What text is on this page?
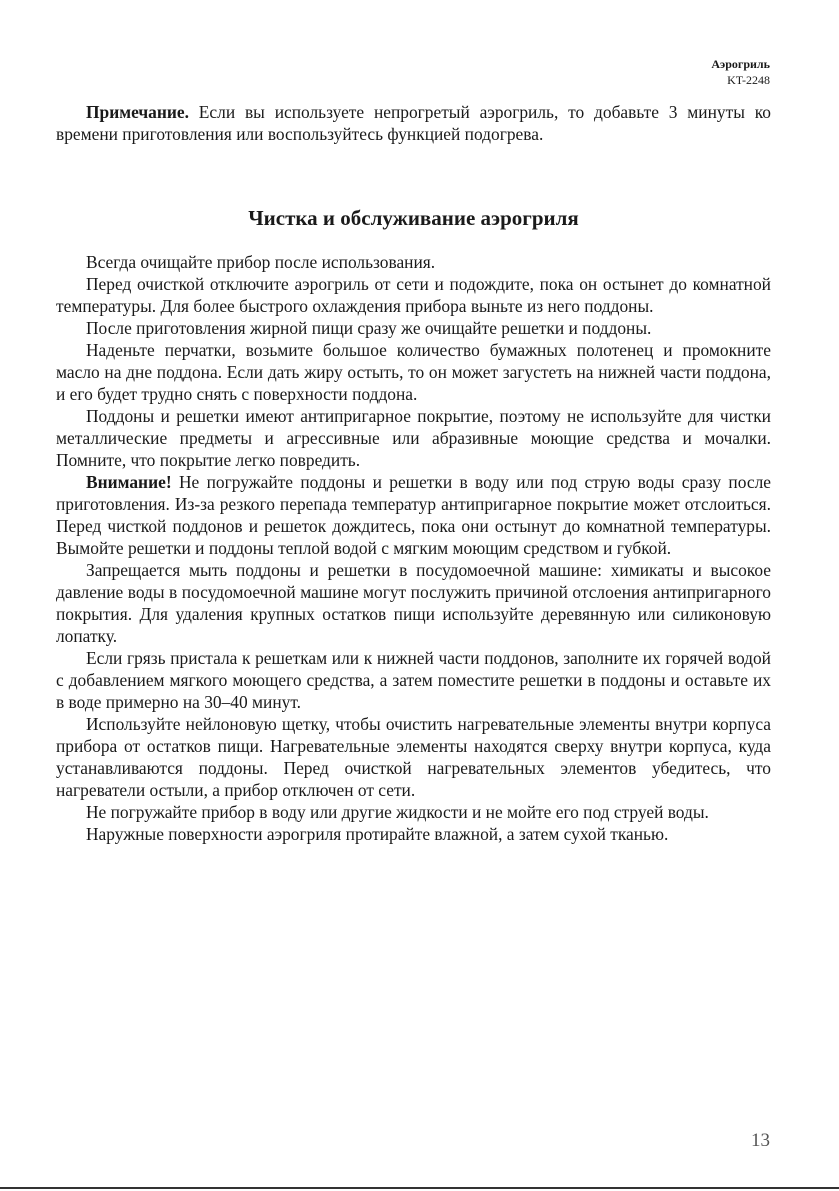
Аэрогриль
KT-2248

Примечание. Если вы используете непрогретый аэрогриль, то добавьте 3 минуты ко времени приготовления или воспользуйтесь функцией подогрева.

Чистка и обслуживание аэрогриля

Всегда очищайте прибор после использования.

Перед очисткой отключите аэрогриль от сети и подождите, пока он остынет до комнатной температуры. Для более быстрого охлаждения прибора выньте из него поддоны.

После приготовления жирной пищи сразу же очищайте решетки и поддоны.

Наденьте перчатки, возьмите большое количество бумажных полотенец и промокните масло на дне поддона. Если дать жиру остыть, то он может загустеть на нижней части поддона, и его будет трудно снять с поверхности поддона.

Поддоны и решетки имеют антипригарное покрытие, поэтому не используйте для чистки металлические предметы и агрессивные или абразивные моющие средства и мочалки. Помните, что покрытие легко повредить.

Внимание! Не погружайте поддоны и решетки в воду или под струю воды сразу после приготовления. Из-за резкого перепада температур антипригарное покрытие может отслоиться. Перед чисткой поддонов и решеток дождитесь, пока они остынут до комнатной температуры. Вымойте решетки и поддоны теплой водой с мягким моющим средством и губкой.

Запрещается мыть поддоны и решетки в посудомоечной машине: химикаты и высокое давление воды в посудомоечной машине могут послужить причиной отслоения антипригарного покрытия. Для удаления крупных остатков пищи используйте деревянную или силиконовую лопатку.

Если грязь пристала к решеткам или к нижней части поддонов, заполните их горячей водой с добавлением мягкого моющего средства, а затем поместите решетки в поддоны и оставьте их в воде примерно на 30–40 минут.

Используйте нейлоновую щетку, чтобы очистить нагревательные элементы внутри корпуса прибора от остатков пищи. Нагревательные элементы находятся сверху внутри корпуса, куда устанавливаются поддоны. Перед очисткой нагревательных элементов убедитесь, что нагреватели остыли, а прибор отключен от сети.

Не погружайте прибор в воду или другие жидкости и не мойте его под струей воды.

Наружные поверхности аэрогриля протирайте влажной, а затем сухой тканью.

13
